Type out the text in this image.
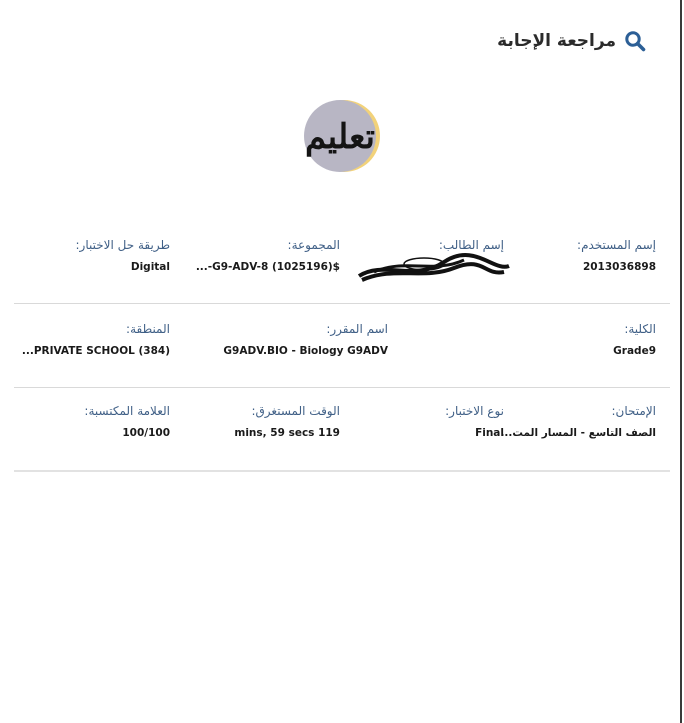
مراجعة الإجابة
تعليم
إسم المستخدم:
2013036898
إسم الطالب:
المجموعة:
...-G9-ADV-8 (1025196)$
طريقة حل الاختبار:
Digital
الكلية:
Grade9
اسم المقرر:
G9ADV.BIO - Biology G9ADV
المنطقة:
...PRIVATE SCHOOL (384)
الإمتحان:
الصف التاسع - المسار المت...
نوع الاختبار:
Final
الوقت المستغرق:
mins, 59 secs 119
العلامة المكتسبة:
100/100
